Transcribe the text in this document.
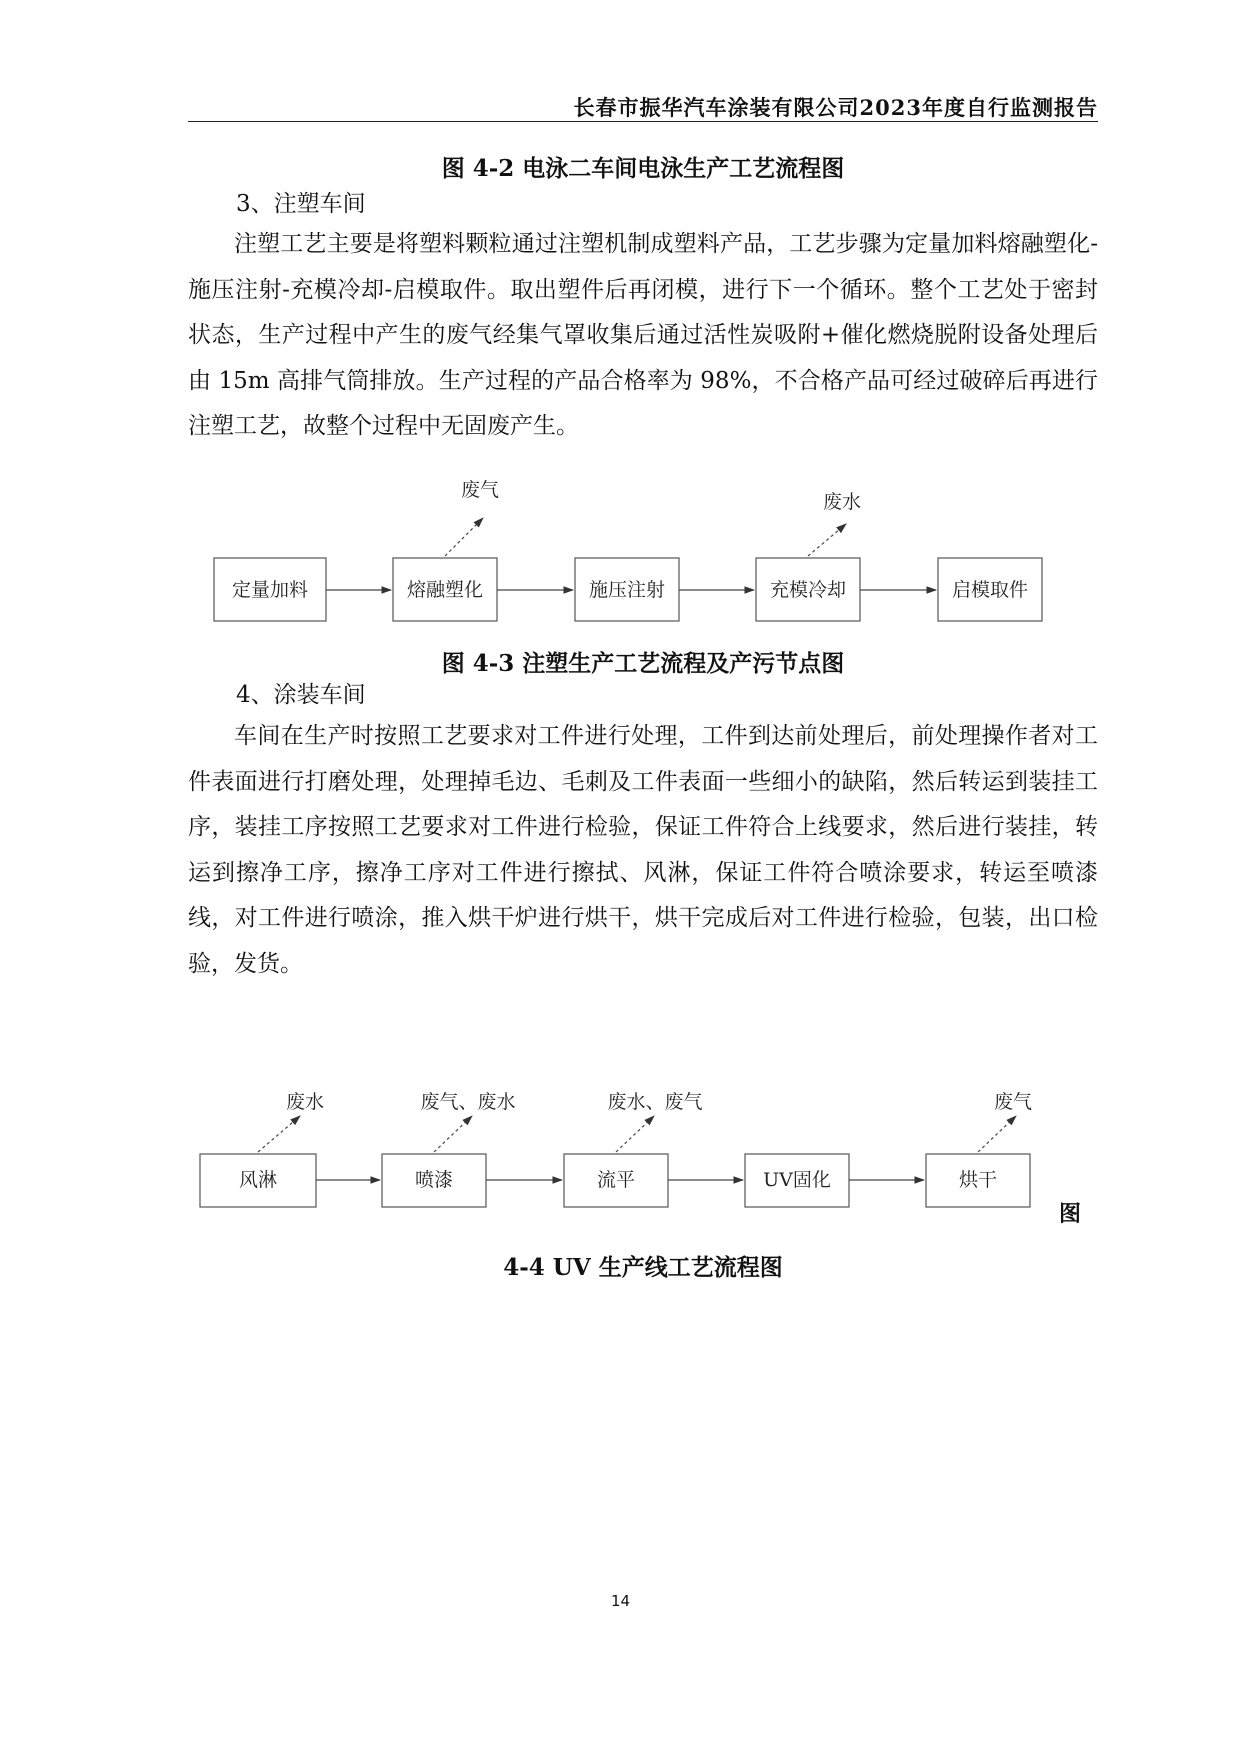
长春市振华汽车涂装有限公司2023年度自行监测报告
图 4-2 电泳二车间电泳生产工艺流程图
3、注塑车间

注塑工艺主要是将塑料颗粒通过注塑机制成塑料产品，工艺步骤为定量加料熔融塑化-施压注射-充模冷却-启模取件。取出塑件后再闭模，进行下一个循环。整个工艺处于密封状态，生产过程中产生的废气经集气罩收集后通过活性炭吸附+催化燃烧脱附设备处理后由 15m 高排气筒排放。生产过程的产品合格率为 98%，不合格产品可经过破碎后再进行注塑工艺，故整个过程中无固废产生。

定量加料	熔融塑化	施压注射	充模冷却	启模取件
废气
废水
风淋	喷漆	流平	UV固化	烘干
废水	废气、废水	废水、废气	废气
图 4-3 注塑生产工艺流程及产污节点图
4、涂装车间

车间在生产时按照工艺要求对工件进行处理，工件到达前处理后，前处理操作者对工件表面进行打磨处理，处理掉毛边、毛刺及工件表面一些细小的缺陷，然后转运到装挂工序，装挂工序按照工艺要求对工件进行检验，保证工件符合上线要求，然后进行装挂，转运到擦净工序，擦净工序对工件进行擦拭、风淋，保证工件符合喷涂要求，转运至喷漆线，对工件进行喷涂，推入烘干炉进行烘干，烘干完成后对工件进行检验，包装，出口检验，发货。

图
4-4 UV 生产线工艺流程图
14
